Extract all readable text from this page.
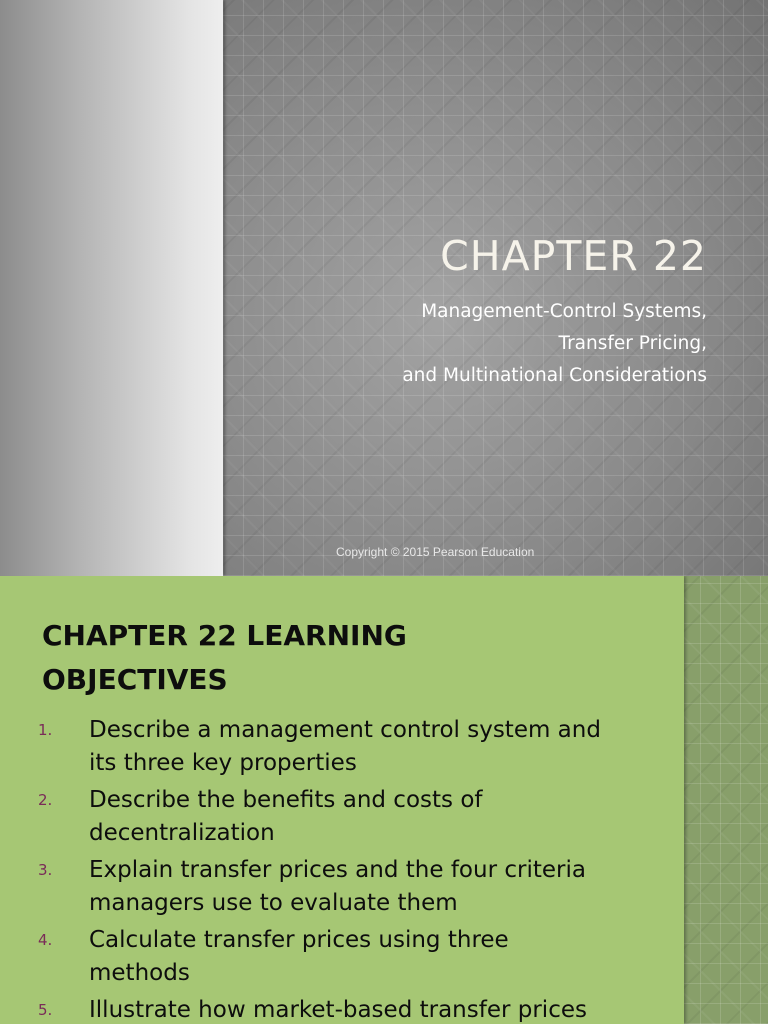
CHAPTER 22
Management-Control Systems,
Transfer Pricing,
and Multinational Considerations
Copyright © 2015 Pearson Education
CHAPTER 22 LEARNING
OBJECTIVES
1.	Describe a management control system and
its three key properties
2.	Describe the benefits and costs of
decentralization
3.	Explain transfer prices and the four criteria
managers use to evaluate them
4.	Calculate transfer prices using three
methods
5.	Illustrate how market-based transfer prices
